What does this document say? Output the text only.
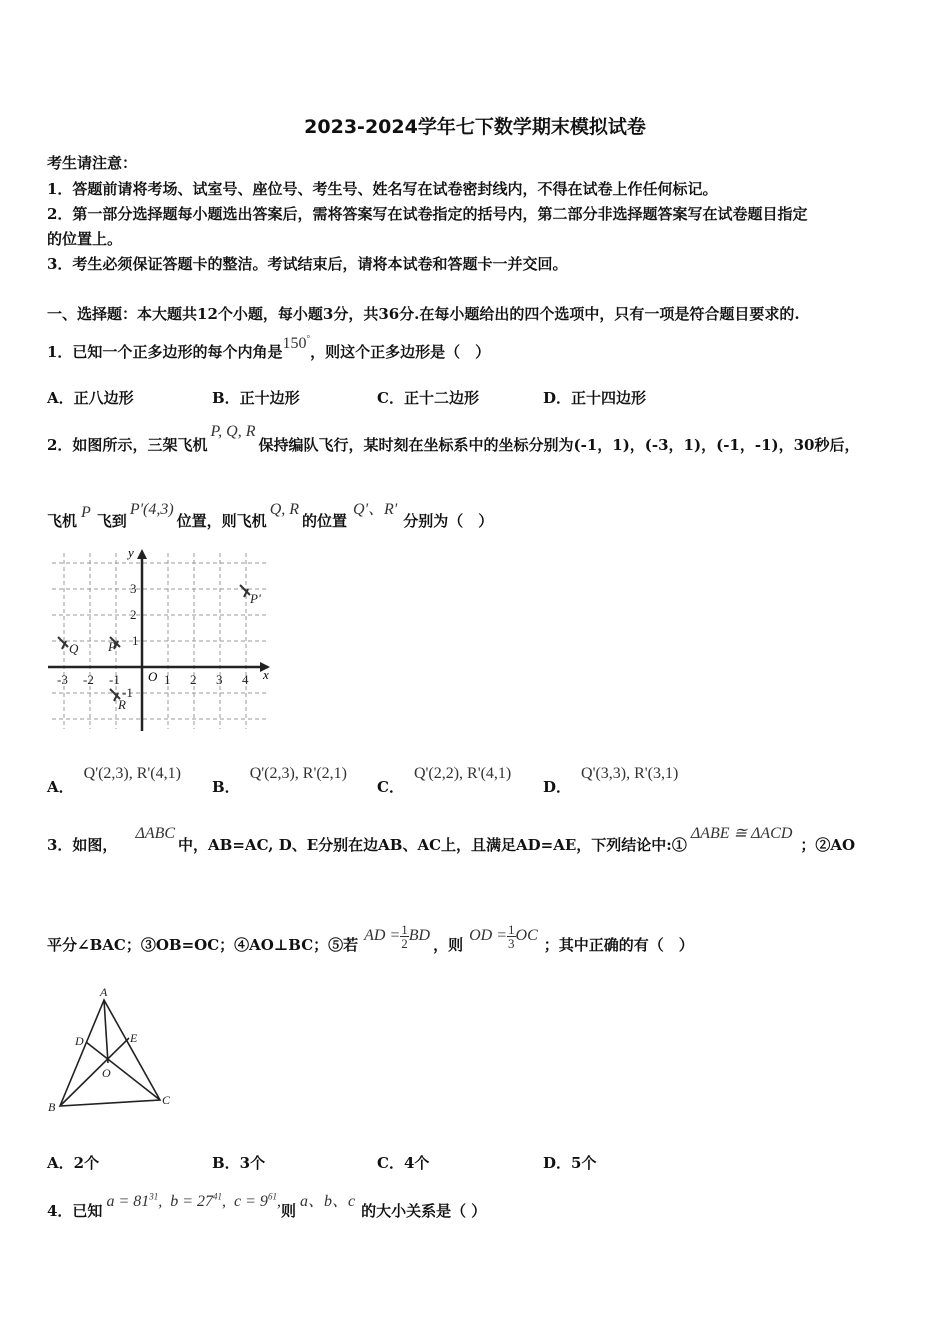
2023-2024学年七下数学期末模拟试卷
考生请注意：
1．答题前请将考场、试室号、座位号、考生号、姓名写在试卷密封线内，不得在试卷上作任何标记。
2．第一部分选择题每小题选出答案后，需将答案写在试卷指定的括号内，第二部分非选择题答案写在试卷题目指定
的位置上。
3．考生必须保证答题卡的整洁。考试结束后，请将本试卷和答题卡一并交回。
一、选择题：本大题共12个小题，每小题3分，共36分.在每小题给出的四个选项中，只有一项是符合题目要求的.
1．已知一个正多边形的每个内角是150°，则这个正多边形是（　）
A．正八边形	B．正十边形	C．正十二边形	D．正十四边形
2．如图所示，三架飞机P, Q, R保持编队飞行，某时刻在坐标系中的坐标分别为(-1，1)，(-3，1)，(-1，-1)，30秒后，
飞机 P 飞到P'(4,3)位置，则飞机Q, R的位置Q'、R'分别为（　）
x
y
O
-3 -2 -1	1 2 3 4
3
2
1
-1
Q P
R
P'
A．Q'(2,3), R'(4,1)
B．Q'(2,3), R'(2,1)
C．Q'(2,2), R'(4,1)
D．Q'(3,3), R'(3,1)
3．如图，ΔABC中，AB=AC, D、E分别在边AB、AC上，且满足AD=AE，下列结论中:①ΔABE ≅ ΔACD；②AO
平分∠BAC；③OB=OC；④AO⊥BC；⑤若AD = $\frac{1}{2}$ BD，则OD = $\frac{1}{3}$ OC；其中正确的有（　）
A
D	E
O
B	C
A．2个	B．3个	C．4个	D．5个
4．已知$a = 81^{31}$,  $b = 27^{41}$,  $c = 9^{61}$,则a、b、c的大小关系是（ ）
